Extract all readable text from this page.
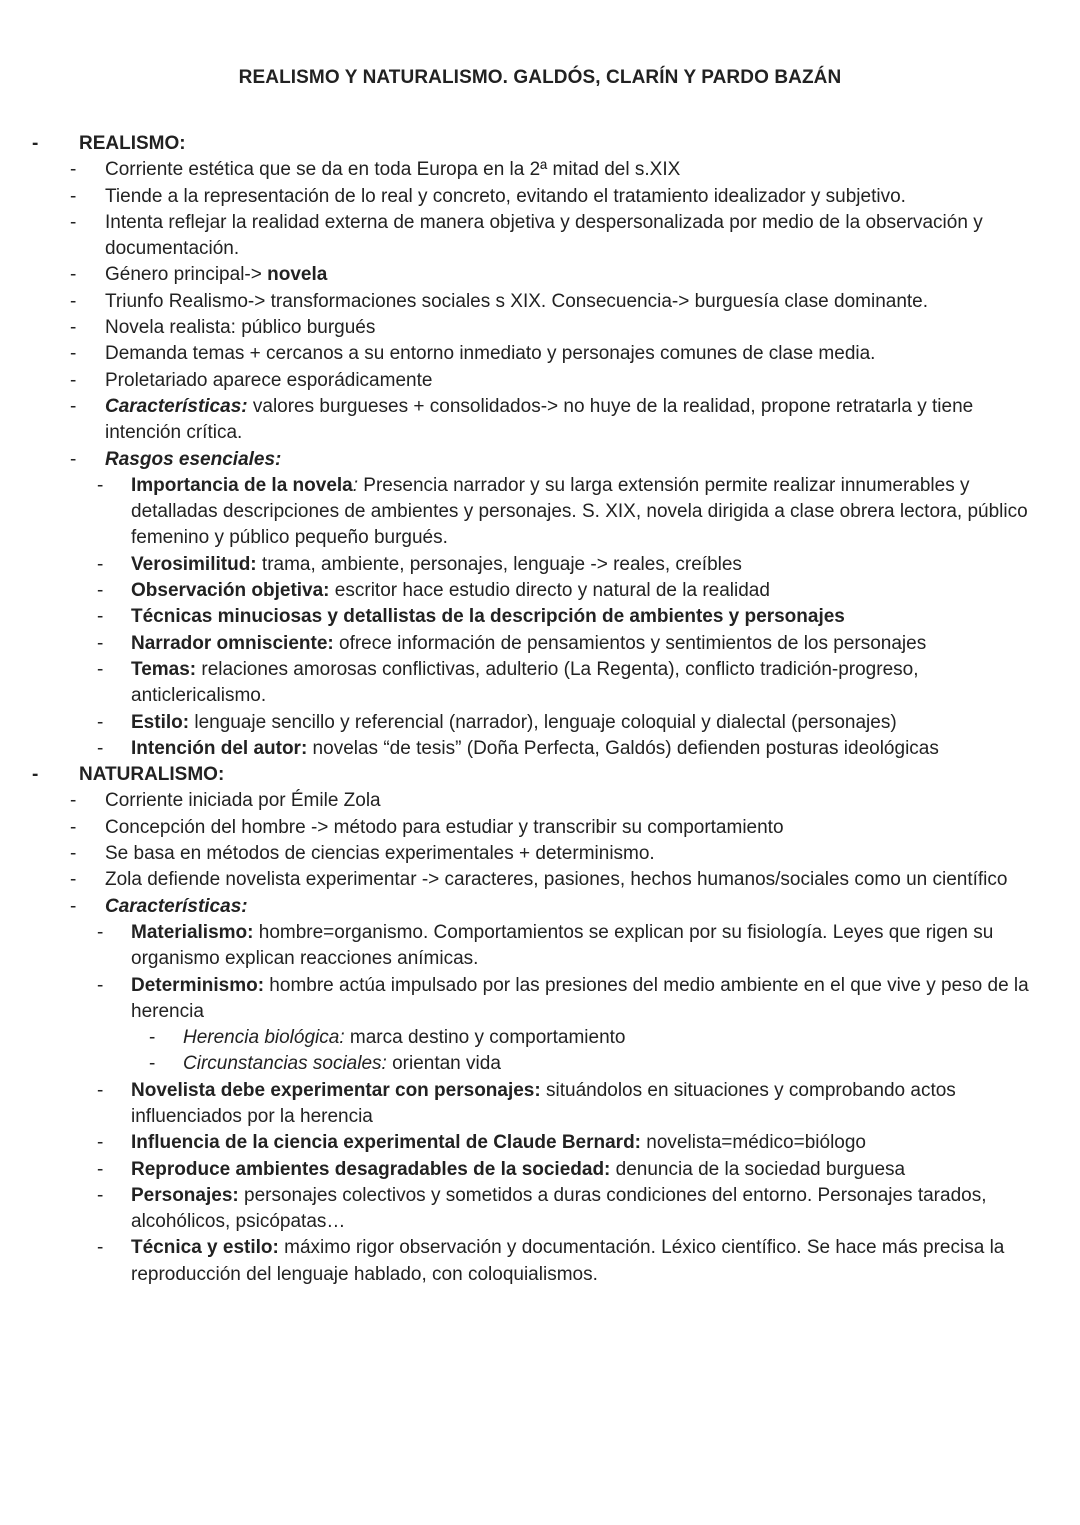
REALISMO Y NATURALISMO. GALDÓS, CLARÍN Y PARDO BAZÁN
- REALISMO:
- Corriente estética que se da en toda Europa en la 2ª mitad del s.XIX
- Tiende a la representación de lo real y concreto, evitando el tratamiento idealizador y subjetivo.
- Intenta reflejar la realidad externa de manera objetiva y despersonalizada por medio de la observación y documentación.
- Género principal-> novela
- Triunfo Realismo-> transformaciones sociales s XIX. Consecuencia-> burguesía clase dominante.
- Novela realista: público burgués
- Demanda temas + cercanos a su entorno inmediato y personajes comunes de clase media.
- Proletariado aparece esporádicamente
- Características: valores burgueses + consolidados-> no huye de la realidad, propone retratarla y tiene intención crítica.
- Rasgos esenciales:
- Importancia de la novela: Presencia narrador y su larga extensión permite realizar innumerables y detalladas descripciones de ambientes y personajes. S. XIX, novela dirigida a clase obrera lectora, público femenino y público pequeño burgués.
- Verosimilitud: trama, ambiente, personajes, lenguaje -> reales, creíbles
- Observación objetiva: escritor hace estudio directo y natural de la realidad
- Técnicas minuciosas y detallistas de la descripción de ambientes y personajes
- Narrador omnisciente: ofrece información de pensamientos y sentimientos de los personajes
- Temas: relaciones amorosas conflictivas, adulterio (La Regenta), conflicto tradición-progreso, anticlericalismo.
- Estilo: lenguaje sencillo y referencial (narrador), lenguaje coloquial y dialectal (personajes)
- Intención del autor: novelas “de tesis” (Doña Perfecta, Galdós) defienden posturas ideológicas
- NATURALISMO:
- Corriente iniciada por Émile Zola
- Concepción del hombre -> método para estudiar y transcribir su comportamiento
- Se basa en métodos de ciencias experimentales + determinismo.
- Zola defiende novelista experimentar -> caracteres, pasiones, hechos humanos/sociales como un científico
- Características:
- Materialismo: hombre=organismo. Comportamientos se explican por su fisiología. Leyes que rigen su organismo explican reacciones anímicas.
- Determinismo: hombre actúa impulsado por las presiones del medio ambiente en el que vive y peso de la herencia
- Herencia biológica: marca destino y comportamiento
- Circunstancias sociales: orientan vida
- Novelista debe experimentar con personajes: situándolos en situaciones y comprobando actos influenciados por la herencia
- Influencia de la ciencia experimental de Claude Bernard: novelista=médico=biólogo
- Reproduce ambientes desagradables de la sociedad: denuncia de la sociedad burguesa
- Personajes: personajes colectivos y sometidos a duras condiciones del entorno. Personajes tarados, alcohólicos, psicópatas…
- Técnica y estilo: máximo rigor observación y documentación. Léxico científico. Se hace más precisa la reproducción del lenguaje hablado, con coloquialismos.
